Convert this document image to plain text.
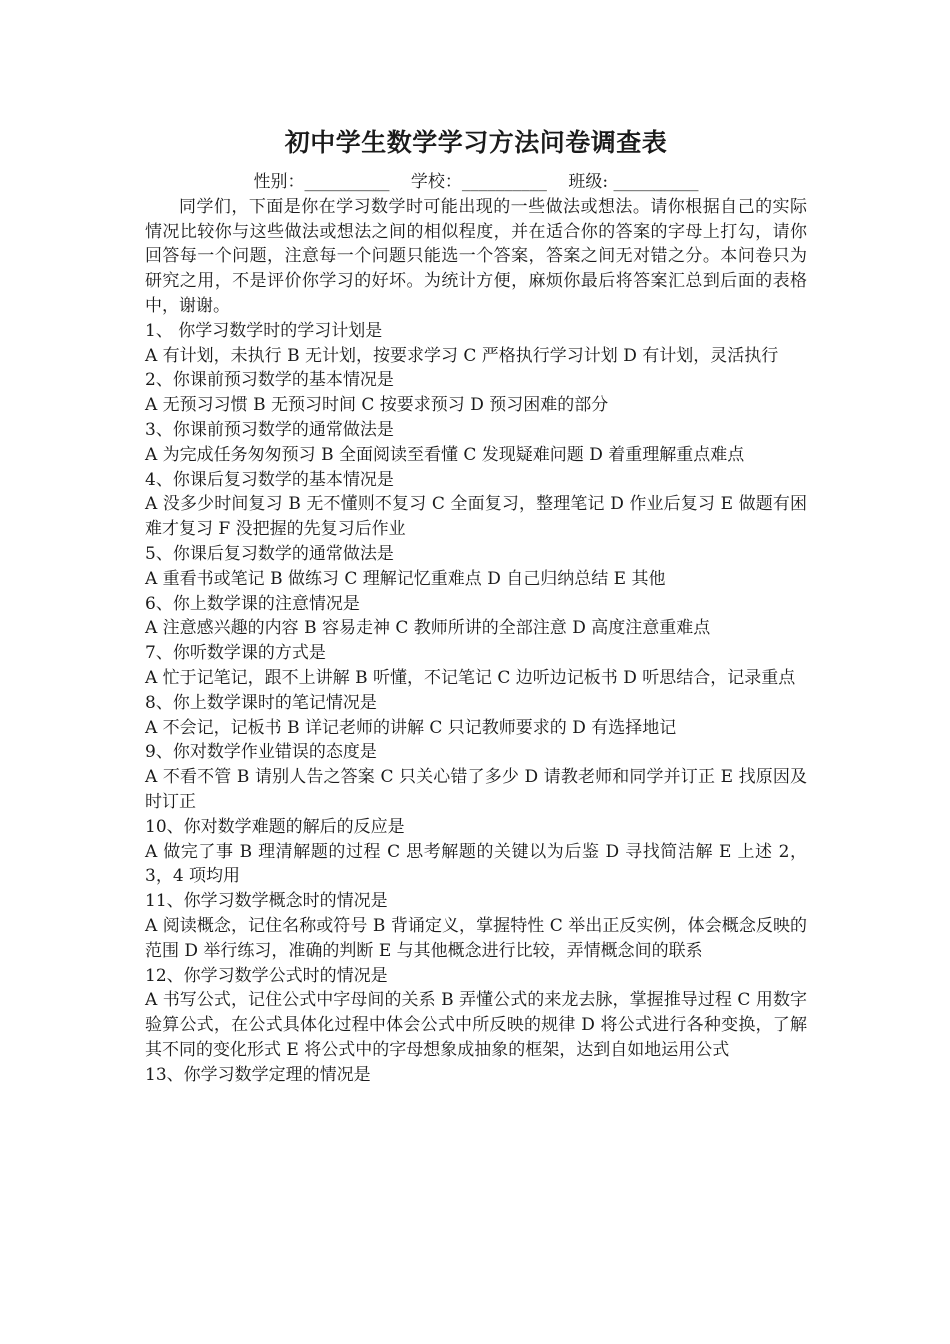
初中学生数学学习方法问卷调查表

性别：__________ 学校：__________ 班级: __________

同学们，下面是你在学习数学时可能出现的一些做法或想法。请你根据自己的实际情况比较你与这些做法或想法之间的相似程度，并在适合你的答案的字母上打勾，请你回答每一个问题，注意每一个问题只能选一个答案，答案之间无对错之分。本问卷只为研究之用，不是评价你学习的好坏。为统计方便，麻烦你最后将答案汇总到后面的表格中，谢谢。

1、 你学习数学时的学习计划是

A 有计划，未执行 B 无计划，按要求学习 C 严格执行学习计划 D 有计划，灵活执行

2、你课前预习数学的基本情况是

A 无预习习惯 B 无预习时间 C 按要求预习 D 预习困难的部分

3、你课前预习数学的通常做法是

A 为完成任务匆匆预习 B 全面阅读至看懂 C 发现疑难问题 D 着重理解重点难点

4、你课后复习数学的基本情况是

A 没多少时间复习 B 无不懂则不复习 C 全面复习，整理笔记 D 作业后复习 E 做题有困难才复习 F 没把握的先复习后作业

5、你课后复习数学的通常做法是

A 重看书或笔记 B 做练习 C 理解记忆重难点 D 自己归纳总结 E 其他

6、你上数学课的注意情况是

A 注意感兴趣的内容 B 容易走神 C 教师所讲的全部注意 D 高度注意重难点

7、你听数学课的方式是

A 忙于记笔记，跟不上讲解 B 听懂，不记笔记 C 边听边记板书 D 听思结合，记录重点

8、你上数学课时的笔记情况是

A 不会记，记板书 B 详记老师的讲解 C 只记教师要求的 D 有选择地记

9、你对数学作业错误的态度是

A 不看不管 B 请别人告之答案 C 只关心错了多少 D 请教老师和同学并订正 E 找原因及时订正

10、你对数学难题的解后的反应是

A 做完了事 B 理清解题的过程 C 思考解题的关键以为后鉴 D 寻找简洁解 E 上述 2，3，4 项均用

11、你学习数学概念时的情况是

A 阅读概念，记住名称或符号 B 背诵定义，掌握特性 C 举出正反实例，体会概念反映的范围 D 举行练习，准确的判断 E 与其他概念进行比较，弄情概念间的联系

12、你学习数学公式时的情况是

A 书写公式，记住公式中字母间的关系 B 弄懂公式的来龙去脉，掌握推导过程 C 用数字验算公式，在公式具体化过程中体会公式中所反映的规律 D 将公式进行各种变换，了解其不同的变化形式 E 将公式中的字母想象成抽象的框架，达到自如地运用公式

13、你学习数学定理的情况是
